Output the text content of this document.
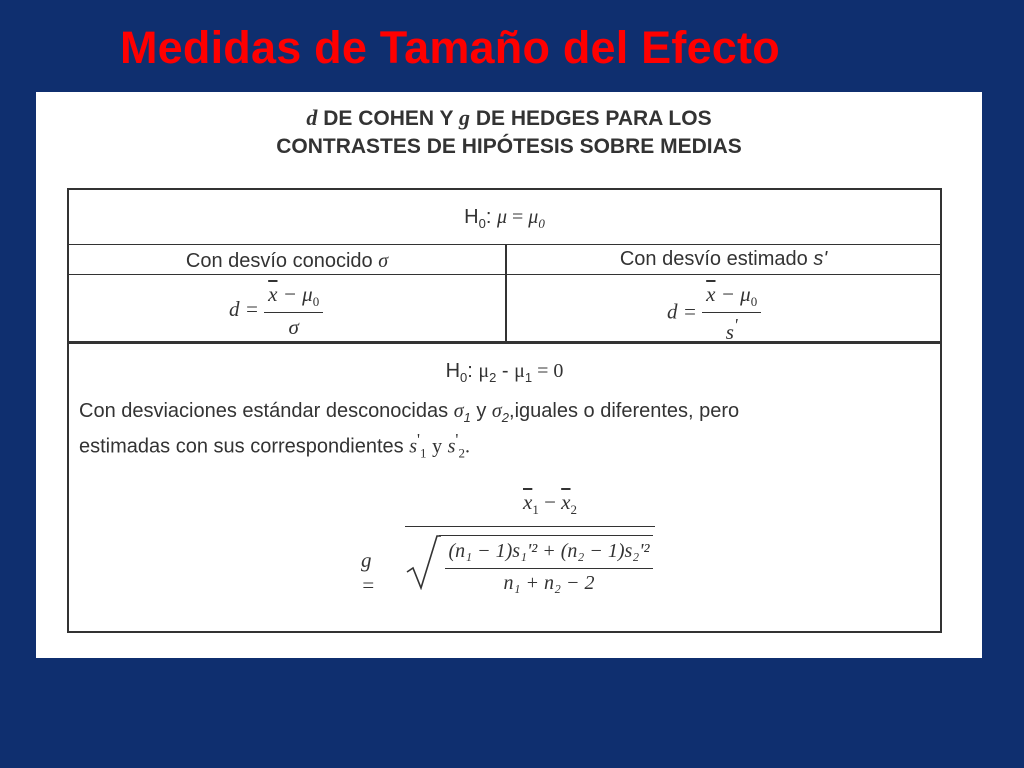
Medidas de Tamaño del Efecto
d DE COHEN Y g DE HEDGES PARA LOS
CONTRASTES DE HIPÓTESIS SOBRE MEDIAS
$H_0$: $\mu = \mu_0$
Con desvío conocido σ	Con desvío estimado s'
$d = \frac{\overline{x} - \mu_0}{\sigma}$	$d = \frac{\overline{x} - \mu_0}{s'}$
$H_0$: $\mu_2 - \mu_1 = 0$
Con desviaciones estándar desconocidas $\sigma_1$ y $\sigma_2,iguales$ o diferentes, pero
estimadas con sus correspondientes $s'_1$ y $s'_2$.
g =
$\overline{x}_1 - \overline{x}_2$
(n₁ − 1)s₁'² + (n₂ − 1)s₂'²
n₁ + n₂ − 2
